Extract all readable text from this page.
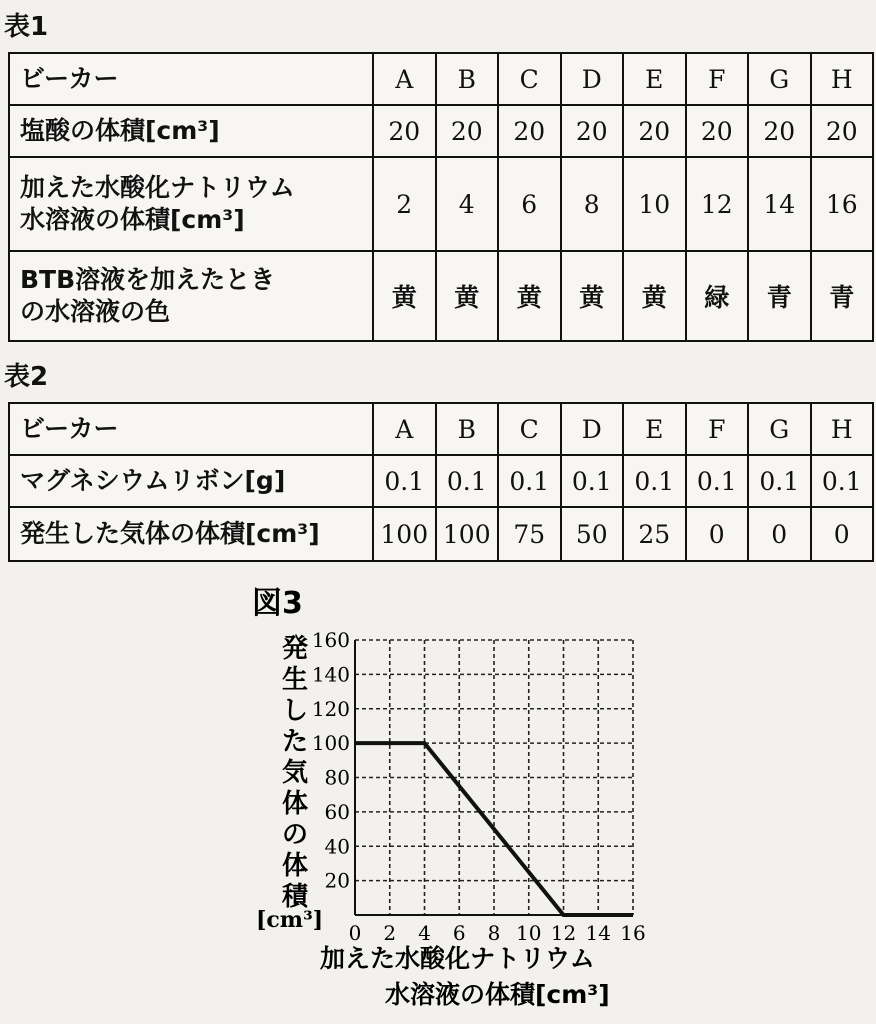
表1
ビーカー	A	B	C	D	E	F	G	H
塩酸の体積[cm³]	20	20	20	20	20	20	20	20

加えた水酸化ナトリウム
水溶液の体積[cm³]	2	4	6	8	10	12	14	16

BTB溶液を加えたとき
の水溶液の色	黄	黄	黄	黄	黄	緑	青	青
表2
ビーカー	A	B	C	D	E	F	G	H
マグネシウムリボン[g]	0.1	0.1	0.1	0.1	0.1	0.1	0.1	0.1
発生した気体の体積[cm³]	100	100	75	50	25	0	0	0
図3
発
生
し
た
気
体
の
体
積
[cm³]
20
40
60
80
100
120
140
160
0 2 4 6 8 10 12 14 16
加えた水酸化ナトリウム
水溶液の体積[cm³]
